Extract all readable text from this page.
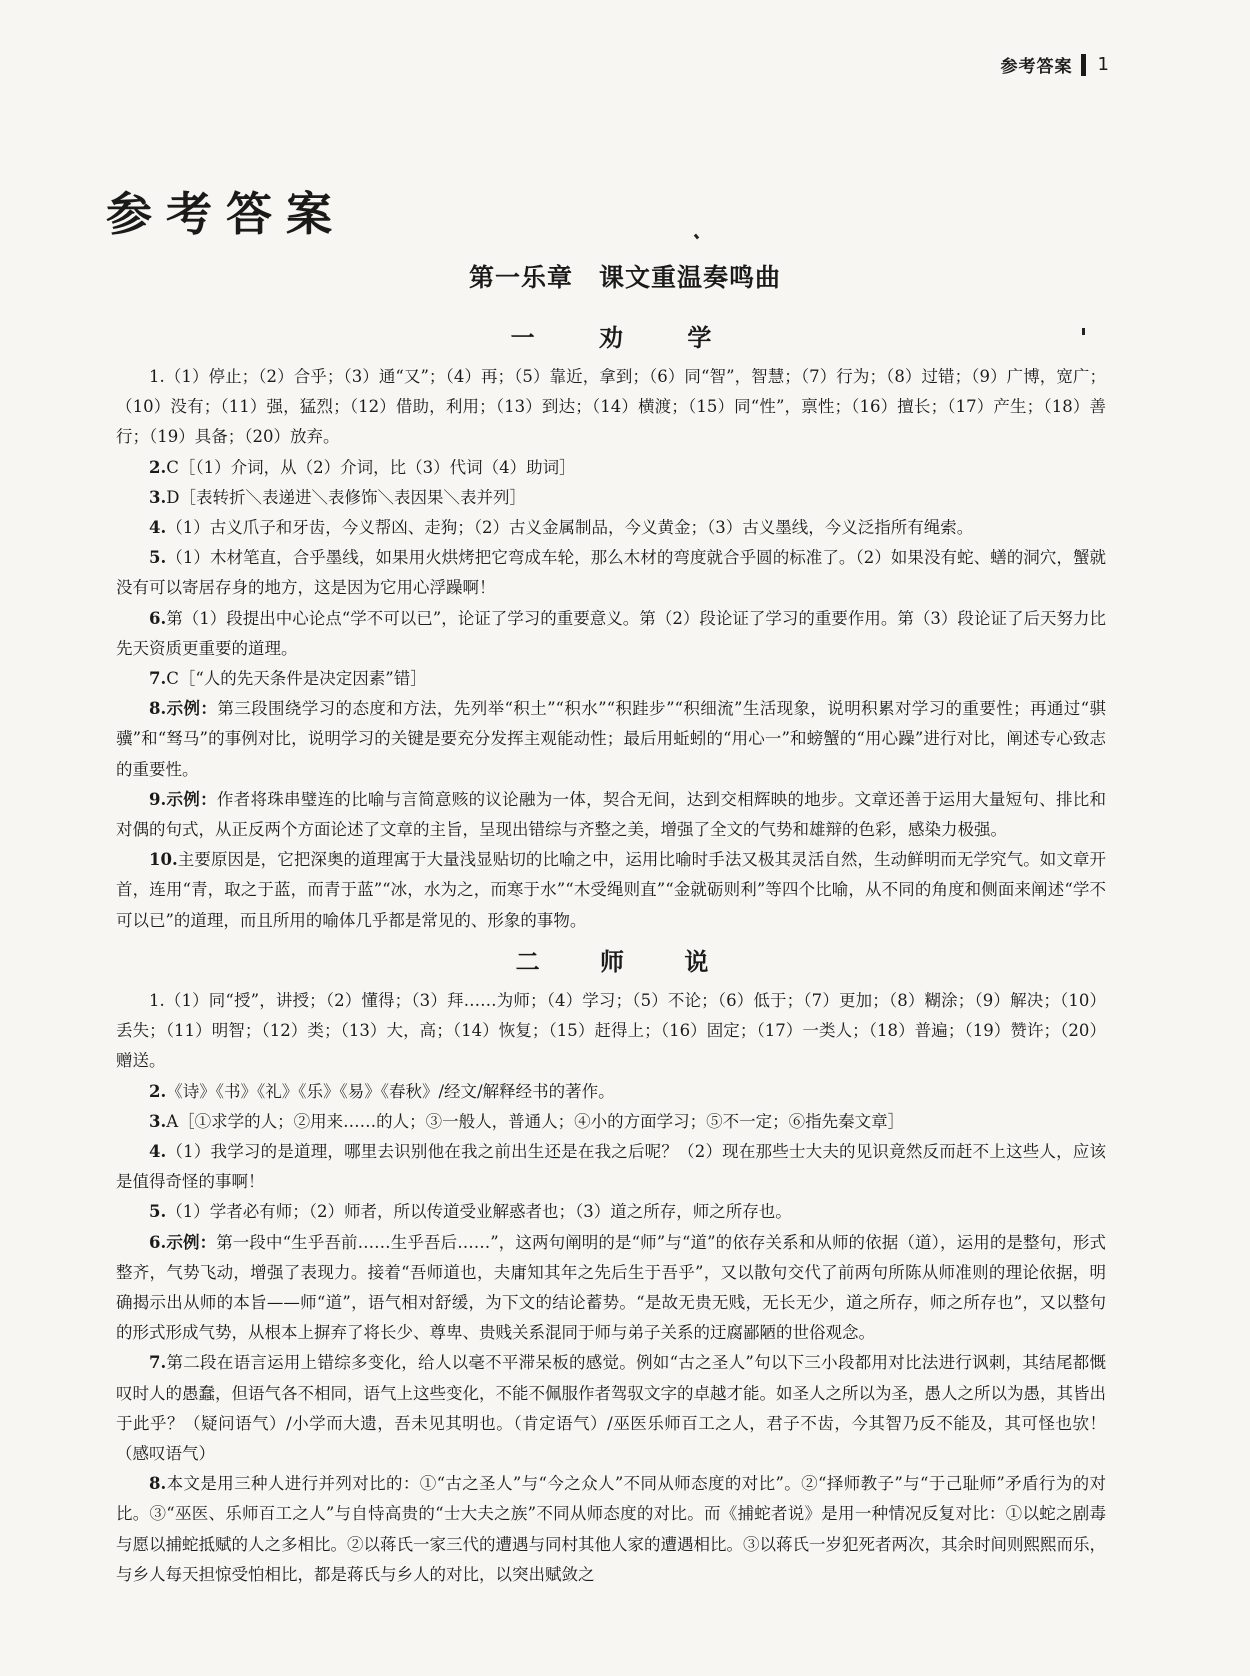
参考答案 1
参考答案
第一乐章　课文重温奏鸣曲
一 劝 学

1.（1）停止；（2）合乎；（3）通“又”；（4）再；（5）靠近，拿到；（6）同“智”，智慧；（7）行为；（8）过错；（9）广博，宽广；（10）没有；（11）强，猛烈；（12）借助，利用；（13）到达；（14）横渡；（15）同“性”，禀性；（16）擅长；（17）产生；（18）善行；（19）具备；（20）放弃。

2.C［（1）介词，从（2）介词，比（3）代词（4）助词］

3.D［表转折＼表递进＼表修饰＼表因果＼表并列］

4.（1）古义爪子和牙齿，今义帮凶、走狗；（2）古义金属制品，今义黄金；（3）古义墨线，今义泛指所有绳索。

5.（1）木材笔直，合乎墨线，如果用火烘烤把它弯成车轮，那么木材的弯度就合乎圆的标准了。（2）如果没有蛇、蟮的洞穴，蟹就没有可以寄居存身的地方，这是因为它用心浮躁啊！

6.第（1）段提出中心论点“学不可以已”，论证了学习的重要意义。第（2）段论证了学习的重要作用。第（3）段论证了后天努力比先天资质更重要的道理。

7.C［“人的先天条件是决定因素”错］

8.示例：第三段围绕学习的态度和方法，先列举“积土”“积水”“积跬步”“积细流”生活现象，说明积累对学习的重要性；再通过“骐骥”和“驽马”的事例对比，说明学习的关键是要充分发挥主观能动性；最后用蚯蚓的“用心一”和螃蟹的“用心躁”进行对比，阐述专心致志的重要性。

9.示例：作者将珠串璧连的比喻与言简意赅的议论融为一体，契合无间，达到交相辉映的地步。文章还善于运用大量短句、排比和对偶的句式，从正反两个方面论述了文章的主旨，呈现出错综与齐整之美，增强了全文的气势和雄辩的色彩，感染力极强。

10.主要原因是，它把深奥的道理寓于大量浅显贴切的比喻之中，运用比喻时手法又极其灵活自然，生动鲜明而无学究气。如文章开首，连用“青，取之于蓝，而青于蓝”“冰，水为之，而寒于水”“木受绳则直”“金就砺则利”等四个比喻，从不同的角度和侧面来阐述“学不可以已”的道理，而且所用的喻体几乎都是常见的、形象的事物。

二 师 说

1.（1）同“授”，讲授；（2）懂得；（3）拜……为师；（4）学习；（5）不论；（6）低于；（7）更加；（8）糊涂；（9）解决；（10）丢失；（11）明智；（12）类；（13）大，高；（14）恢复；（15）赶得上；（16）固定；（17）一类人；（18）普遍；（19）赞许；（20）赠送。

2.《诗》《书》《礼》《乐》《易》《春秋》/经文/解释经书的著作。

3.A［①求学的人；②用来……的人；③一般人，普通人；④小的方面学习；⑤不一定；⑥指先秦文章］

4.（1）我学习的是道理，哪里去识别他在我之前出生还是在我之后呢？（2）现在那些士大夫的见识竟然反而赶不上这些人，应该是值得奇怪的事啊！

5.（1）学者必有师；（2）师者，所以传道受业解惑者也；（3）道之所存，师之所存也。

6.示例：第一段中“生乎吾前……生乎吾后……”，这两句阐明的是“师”与“道”的依存关系和从师的依据（道），运用的是整句，形式整齐，气势飞动，增强了表现力。接着“吾师道也，夫庸知其年之先后生于吾乎”，又以散句交代了前两句所陈从师准则的理论依据，明确揭示出从师的本旨——师“道”，语气相对舒缓，为下文的结论蓄势。“是故无贵无贱，无长无少，道之所存，师之所存也”，又以整句的形式形成气势，从根本上摒弃了将长少、尊卑、贵贱关系混同于师与弟子关系的迂腐鄙陋的世俗观念。

7.第二段在语言运用上错综多变化，给人以毫不平滞呆板的感觉。例如“古之圣人”句以下三小段都用对比法进行讽刺，其结尾都慨叹时人的愚蠢，但语气各不相同，语气上这些变化，不能不佩服作者驾驭文字的卓越才能。如圣人之所以为圣，愚人之所以为愚，其皆出于此乎？（疑问语气）/小学而大遗，吾未见其明也。（肯定语气）/巫医乐师百工之人，君子不齿，今其智乃反不能及，其可怪也欤！（感叹语气）

8.本文是用三种人进行并列对比的：①“古之圣人”与“今之众人”不同从师态度的对比”。②“择师教子”与“于己耻师”矛盾行为的对比。③“巫医、乐师百工之人”与自恃高贵的“士大夫之族”不同从师态度的对比。而《捕蛇者说》是用一种情况反复对比：①以蛇之剧毒与愿以捕蛇抵赋的人之多相比。②以蒋氏一家三代的遭遇与同村其他人家的遭遇相比。③以蒋氏一岁犯死者两次，其余时间则熙熙而乐，与乡人每天担惊受怕相比，都是蒋氏与乡人的对比，以突出赋敛之
